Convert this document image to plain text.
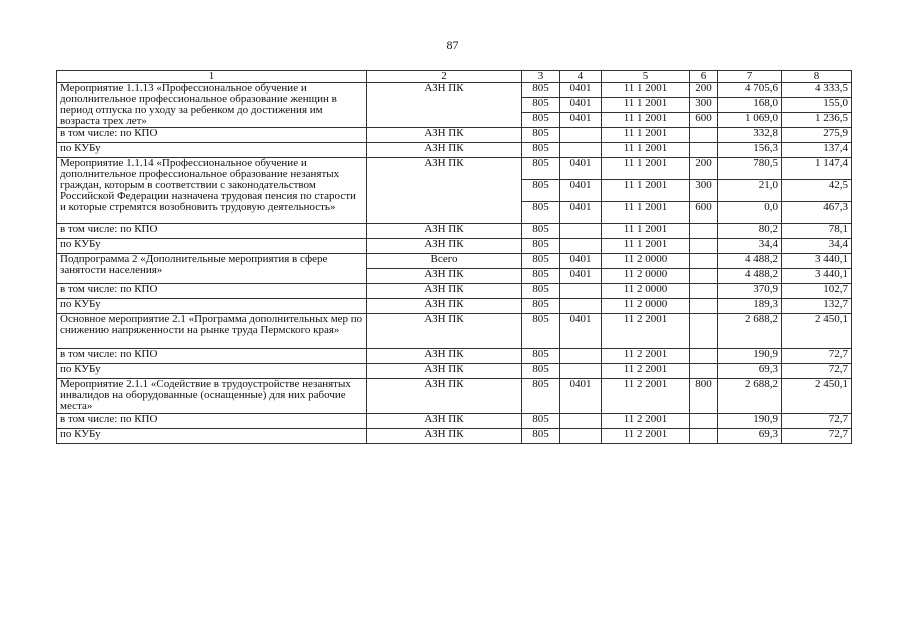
87
1	2	3	4	5	6	7	8
Мероприятие 1.1.13 «Профессиональное обучение и дополнительное профессиональное образование женщин в период отпуска по уходу за ребенком до достижения им возраста трех лет»	АЗН ПК	805	0401	11 1 2001	200	4 705,6	4 333,5
		805	0401	11 1 2001	300	168,0	155,0
		805	0401	11 1 2001	600	1 069,0	1 236,5
в том числе: по КПО	АЗН ПК	805		11 1 2001		332,8	275,9
по КУБу	АЗН ПК	805		11 1 2001		156,3	137,4
Мероприятие 1.1.14 «Профессиональное обучение и дополнительное профессиональное образование незанятых граждан, которым в соответствии с законодательством Российской Федерации назначена трудовая пенсия по старости и которые стремятся возобновить трудовую деятельность»	АЗН ПК	805	0401	11 1 2001	200	780,5	1 147,4
		805	0401	11 1 2001	300	21,0	42,5
		805	0401	11 1 2001	600	0,0	467,3
в том числе: по КПО	АЗН ПК	805		11 1 2001		80,2	78,1
по КУБу	АЗН ПК	805		11 1 2001		34,4	34,4
Подпрограмма 2 «Дополнительные мероприятия в сфере занятости населения»	Всего	805	0401	11 2 0000		4 488,2	3 440,1
	АЗН ПК	805	0401	11 2 0000		4 488,2	3 440,1
в том числе: по КПО	АЗН ПК	805		11 2 0000		370,9	102,7
по КУБу	АЗН ПК	805		11 2 0000		189,3	132,7
Основное мероприятие 2.1 «Программа дополнительных мер по снижению напряженности на рынке труда Пермского края»	АЗН ПК	805	0401	11 2 2001		2 688,2	2 450,1
в том числе: по КПО	АЗН ПК	805		11 2 2001		190,9	72,7
по КУБу	АЗН ПК	805		11 2 2001		69,3	72,7
Мероприятие 2.1.1 «Содействие в трудоустройстве незанятых инвалидов на оборудованные (оснащенные) для них рабочие места»	АЗН ПК	805	0401	11 2 2001	800	2 688,2	2 450,1
в том числе: по КПО	АЗН ПК	805		11 2 2001		190,9	72,7
по КУБу	АЗН ПК	805		11 2 2001		69,3	72,7
